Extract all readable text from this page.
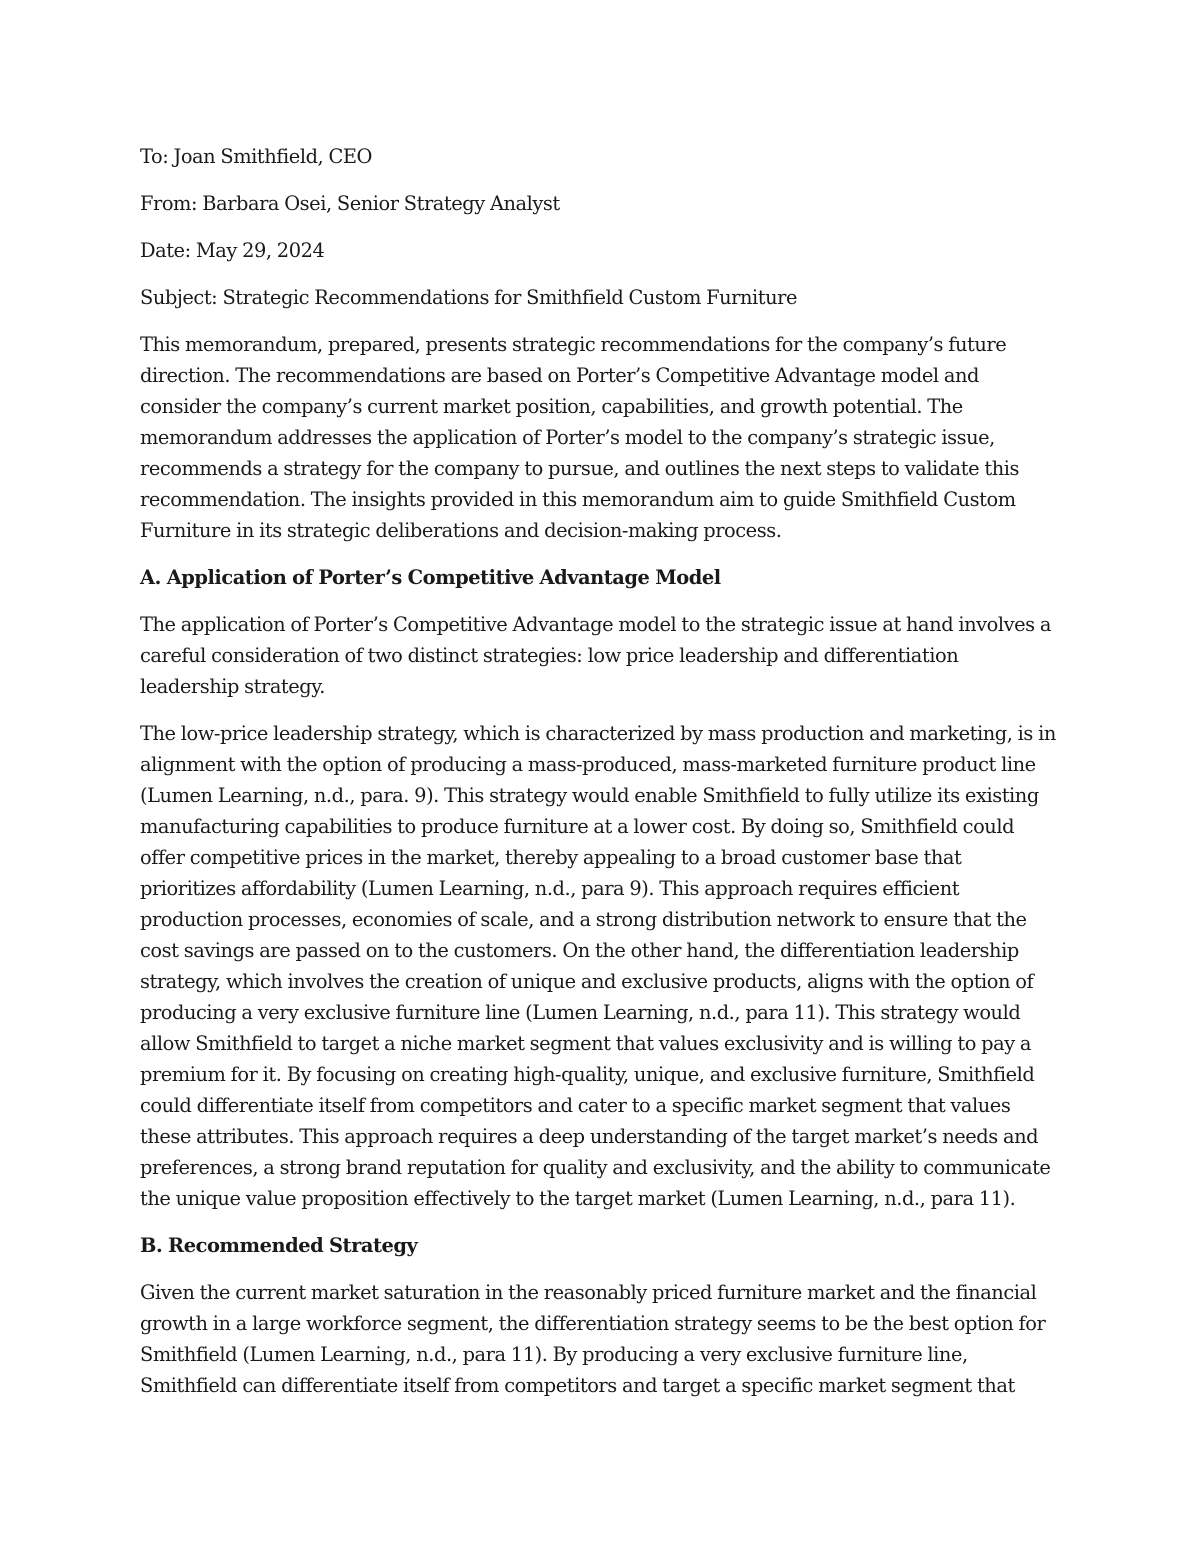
To: Joan Smithfield, CEO

From: Barbara Osei, Senior Strategy Analyst

Date: May 29, 2024

Subject: Strategic Recommendations for Smithfield Custom Furniture

This memorandum, prepared, presents strategic recommendations for the company’s future direction. The recommendations are based on Porter’s Competitive Advantage model and consider the company’s current market position, capabilities, and growth potential. The memorandum addresses the application of Porter’s model to the company’s strategic issue, recommends a strategy for the company to pursue, and outlines the next steps to validate this recommendation. The insights provided in this memorandum aim to guide Smithfield Custom Furniture in its strategic deliberations and decision-making process.

A. Application of Porter’s Competitive Advantage Model

The application of Porter’s Competitive Advantage model to the strategic issue at hand involves a careful consideration of two distinct strategies: low price leadership and differentiation leadership strategy.

The low-price leadership strategy, which is characterized by mass production and marketing, is in alignment with the option of producing a mass-produced, mass-marketed furniture product line (Lumen Learning, n.d., para. 9). This strategy would enable Smithfield to fully utilize its existing manufacturing capabilities to produce furniture at a lower cost. By doing so, Smithfield could offer competitive prices in the market, thereby appealing to a broad customer base that prioritizes affordability (Lumen Learning, n.d., para 9). This approach requires efficient production processes, economies of scale, and a strong distribution network to ensure that the cost savings are passed on to the customers. On the other hand, the differentiation leadership strategy, which involves the creation of unique and exclusive products, aligns with the option of producing a very exclusive furniture line (Lumen Learning, n.d., para 11). This strategy would allow Smithfield to target a niche market segment that values exclusivity and is willing to pay a premium for it. By focusing on creating high-quality, unique, and exclusive furniture, Smithfield could differentiate itself from competitors and cater to a specific market segment that values these attributes. This approach requires a deep understanding of the target market’s needs and preferences, a strong brand reputation for quality and exclusivity, and the ability to communicate the unique value proposition effectively to the target market (Lumen Learning, n.d., para 11).

B. Recommended Strategy

Given the current market saturation in the reasonably priced furniture market and the financial growth in a large workforce segment, the differentiation strategy seems to be the best option for Smithfield (Lumen Learning, n.d., para 11). By producing a very exclusive furniture line, Smithfield can differentiate itself from competitors and target a specific market segment that
